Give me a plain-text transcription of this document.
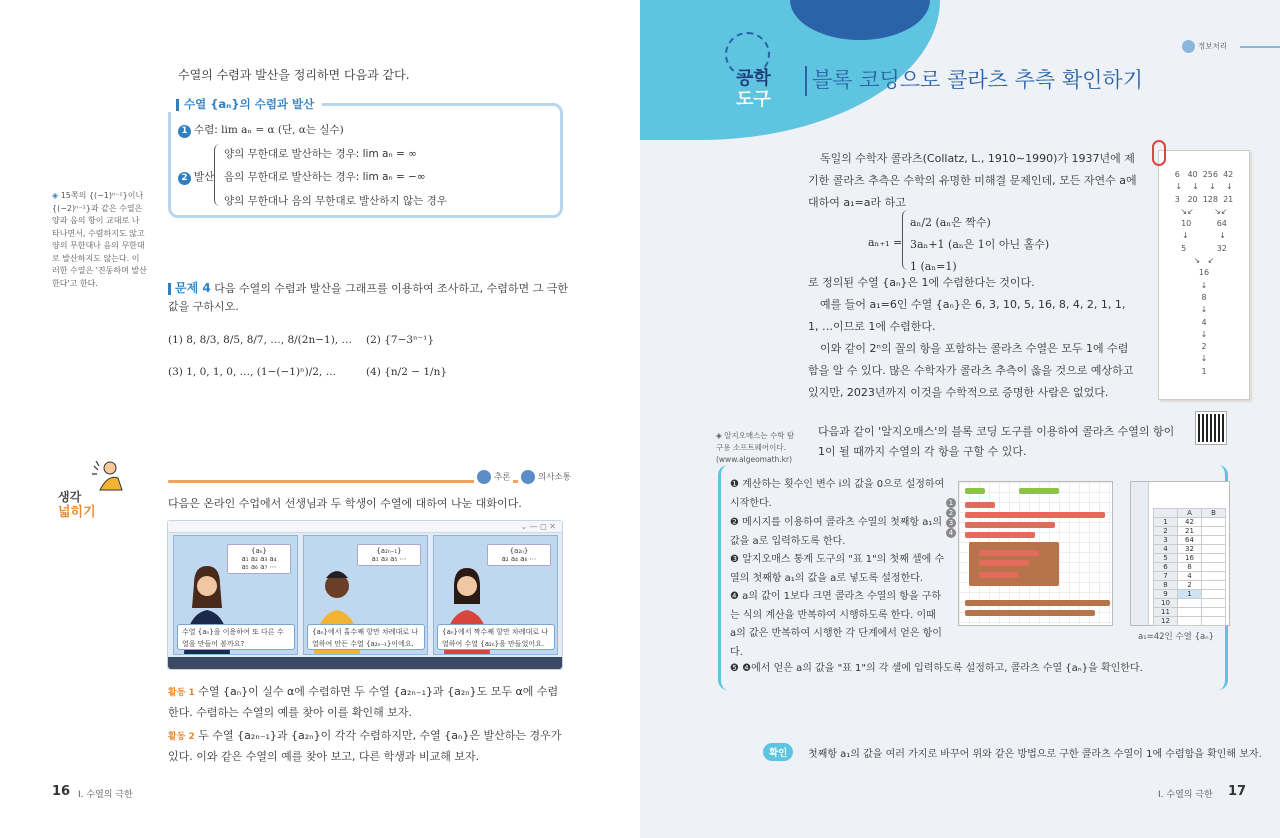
수열의 수렴과 발산을 정리하면 다음과 같다.
수열 {aₙ}의 수렴과 발산
1 수렴: lim aₙ = α (단, α는 실수)
2 발산
양의 무한대로 발산하는 경우: lim aₙ = ∞
음의 무한대로 발산하는 경우: lim aₙ = −∞
양의 무한대나 음의 무한대로 발산하지 않는 경우
◈ 15쪽의 {(−1)ⁿ⁻¹}이나 {(−2)ⁿ⁻¹}과 같은 수열은 양과 음의 항이 교대로 나타나면서, 수렴하지도 않고 양의 무한대나 음의 무한대로 발산하지도 않는다. 이러한 수열은 '진동하며 발산한다'고 한다.	문제 4 다음 수열의 수렴과 발산을 그래프를 이용하여 조사하고, 수렴하면 그 극한값을 구하시오.
(1) 8, 8/3, 8/5, 8/7, …, 8/(2n−1), … (2) {7−3ⁿ⁻¹}
(3) 1, 0, 1, 0, …, (1−(−1)ⁿ)/2, …	(4) {n/2 − 1/n}
생각
넓히기
추론	의사소통
다음은 온라인 수업에서 선생님과 두 학생이 수열에 대하여 나눈 대화이다.
⌄ — ◻ ✕
{aₙ}
a₁ a₂ a₃ a₄
a₅ a₆ a₇ ⋯
수열 {aₙ}을 이용하여 또 다른 수열을 만들어 볼까요?
{a₂ₙ₋₁}
a₁ a₃ a₅ ⋯
{aₙ}에서 홀수째 항만 차례대로 나열하여 만든 수열 {a₂ₙ₋₁}이에요.
{a₂ₙ}
a₂ a₄ a₆ ⋯
{aₙ}에서 짝수째 항만 차례대로 나열하여 수열 {a₂ₙ}을 만들었어요.
활동 1 수열 {aₙ}이 실수 α에 수렴하면 두 수열 {a₂ₙ₋₁}과 {a₂ₙ}도 모두 α에 수렴한다. 수렴하는 수열의 예를 찾아 이를 확인해 보자.
활동 2 두 수열 {a₂ₙ₋₁}과 {a₂ₙ}이 각각 수렴하지만, 수열 {aₙ}은 발산하는 경우가 있다. 이와 같은 수열의 예를 찾아 보고, 다른 학생과 비교해 보자.
16 I. 수열의 극한
공학
도구
블록 코딩으로 콜라츠 추측 확인하기
정보처리
독일의 수학자 콜라츠(Collatz, L., 1910∼1990)가 1937년에 제기한 콜라츠 추측은 수학의 유명한 미해결 문제인데, 모든 자연수 a에 대하여 a₁=a라 하고
aₙ₊₁ =
aₙ/2 (aₙ은 짝수)
3aₙ+1 (aₙ은 1이 아닌 홀수)
1 (aₙ=1)
로 정의된 수열 {aₙ}은 1에 수렴한다는 것이다.
예를 들어 a₁=6인 수열 {aₙ}은 6, 3, 10, 5, 16, 8, 4, 2, 1, 1, 1, …이므로 1에 수렴한다.
이와 같이 2ⁿ의 꼴의 항을 포함하는 콜라츠 수열은 모두 1에 수렴함을 알 수 있다. 많은 수학자가 콜라츠 추측이 옳을 것으로 예상하고 있지만, 2023년까지 이것을 수학적으로 증명한 사람은 없었다.
6   40  256  42
↓    ↓    ↓    ↓
3   20  128  21
↘↙        ↘↙
10          64
↓            ↓
5            32
↘   ↙
16
↓
8
↓
4
↓
2
↓
1
◈ 알지오매스는 수학 탐구용 소프트웨어이다. (www.algeomath.kr)
다음과 같이 '알지오매스'의 블록 코딩 도구를 이용하여 콜라츠 수열의 항이 1이 될 때까지 수열의 각 항을 구할 수 있다.
❶ 계산하는 횟수인 변수 i의 값을 0으로 설정하여 시작한다.
❷ 메시지를 이용하여 콜라츠 수열의 첫째항 a₁의 값을 a로 입력하도록 한다.
❸ 알지오매스 통계 도구의 "표 1"의 첫째 셀에 수열의 첫째항 a₁의 값을 a로 넣도록 설정한다.
❹ a의 값이 1보다 크면 콜라츠 수열의 항을 구하는 식의 계산을 반복하여 시행하도록 한다. 이때 a의 값은 반복하여 시행한 각 단계에서 얻은 항이다.
❺ ❹에서 얻은 a의 값을 "표 1"의 각 셀에 입력하도록 설정하고, 콜라츠 수열 {aₙ}을 확인한다.
1
2
3
4
	A	B
1	42	
2	21	
3	64	
4	32	
5	16	
6	8	
7	4	
8	2	
9	1	
10		
11		
12		
a₁=42인 수열 {aₙ}
확인	첫째항 a₁의 값을 여러 가지로 바꾸어 위와 같은 방법으로 구한 콜라츠 수열이 1에 수렴함을 확인해 보자.
I. 수열의 극한 17
